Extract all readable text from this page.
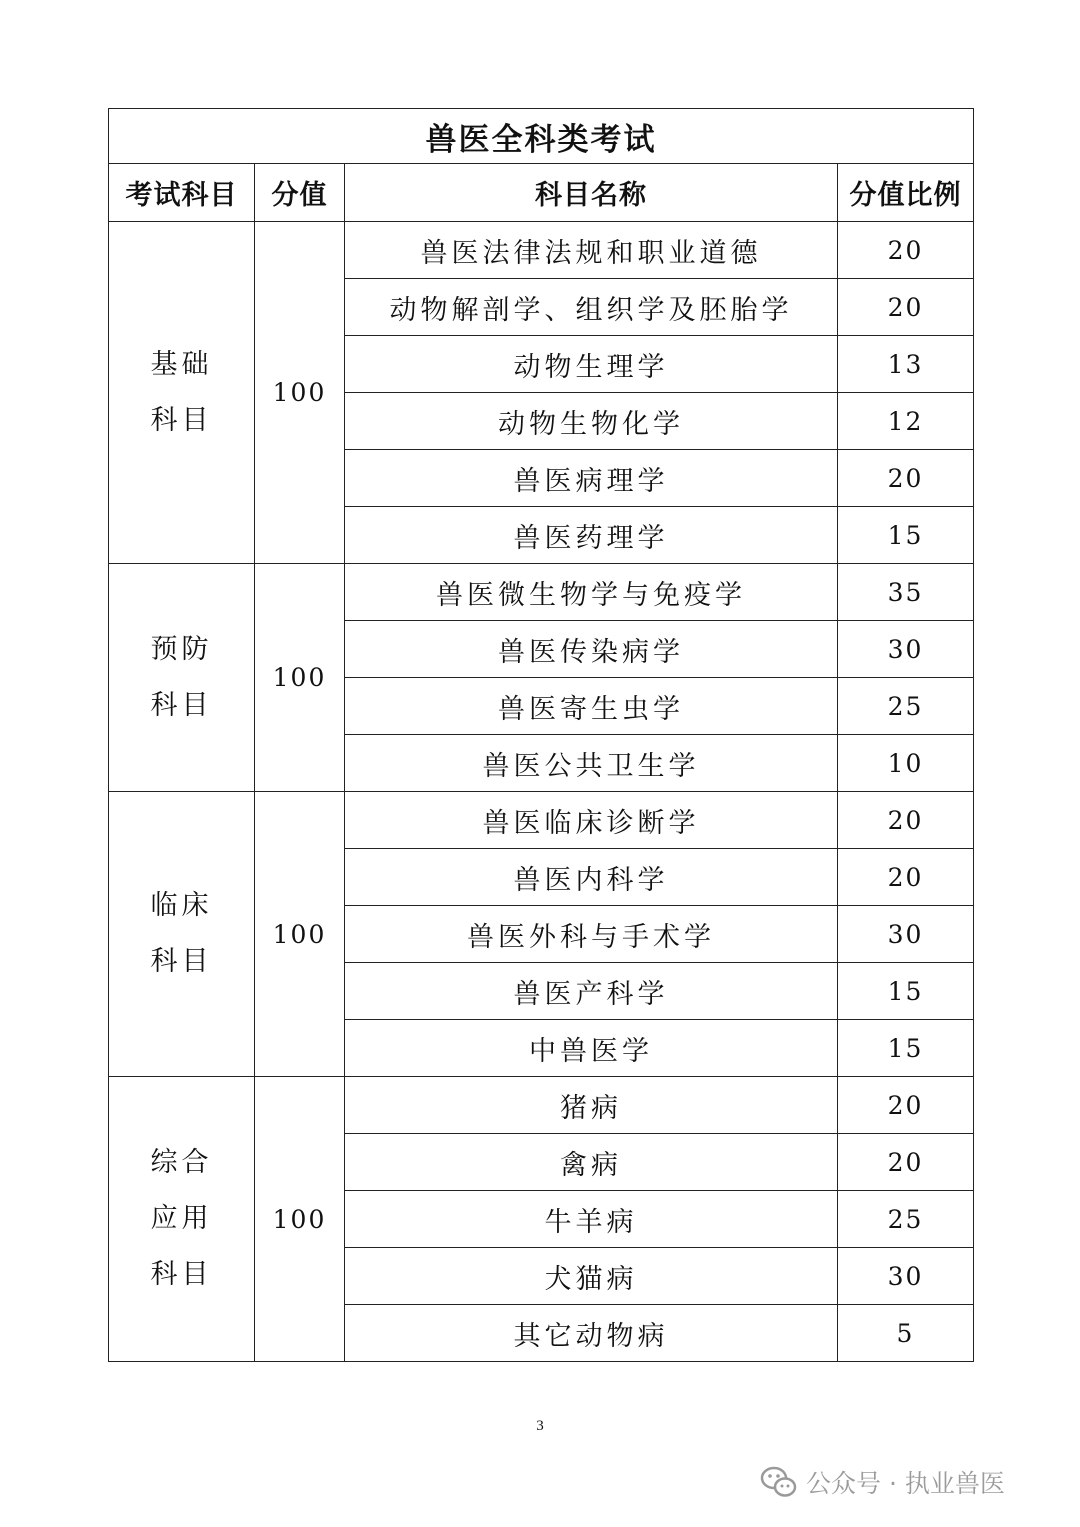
兽医全科类考试			
考试科目	分值	科目名称	分值比例

基础
科目	100	兽医法律法规和职业道德	20
		动物解剖学、组织学及胚胎学	20
		动物生理学	13
		动物生物化学	12
		兽医病理学	20
		兽医药理学	15

预防
科目	100	兽医微生物学与免疫学	35
		兽医传染病学	30
		兽医寄生虫学	25
		兽医公共卫生学	10

临床
科目	100	兽医临床诊断学	20
		兽医内科学	20
		兽医外科与手术学	30
		兽医产科学	15
		中兽医学	15

综合
应用
科目	100	猪病	20
		禽病	20
		牛羊病	25
		犬猫病	30
		其它动物病	5
3
公众号 · 执业兽医
